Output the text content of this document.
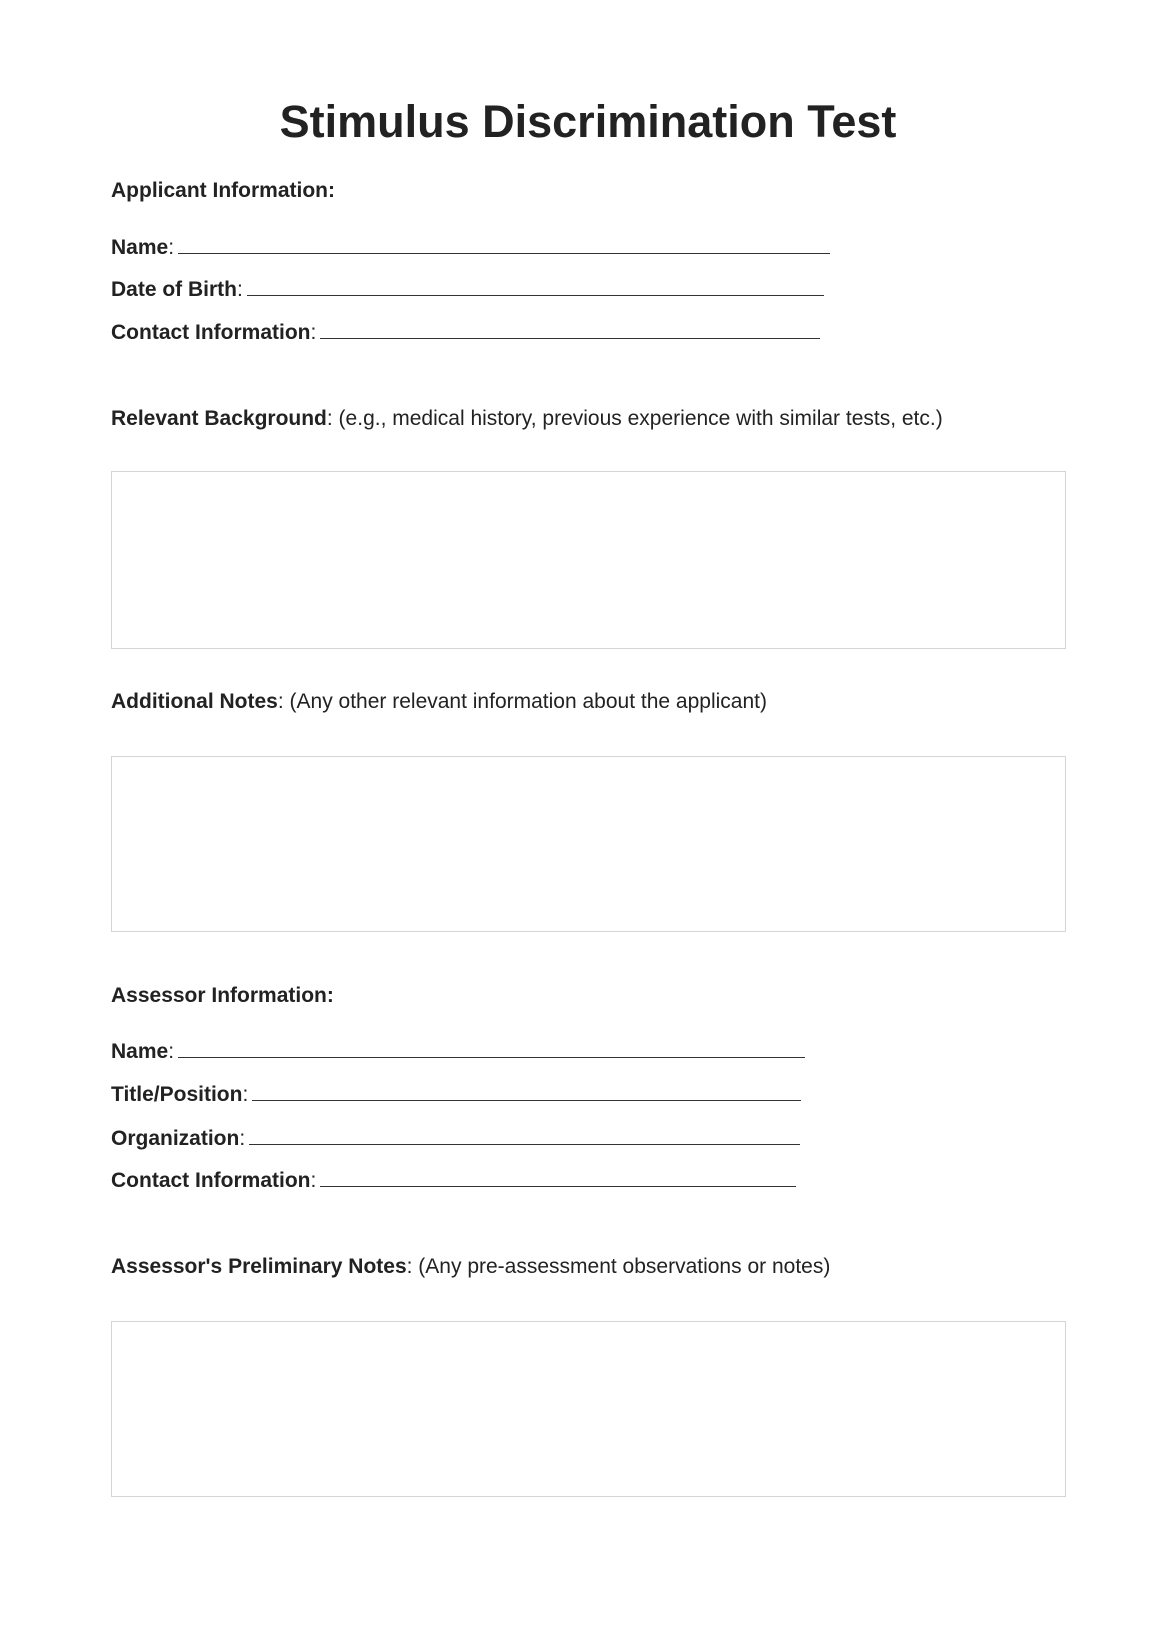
Stimulus Discrimination Test
Applicant Information:
Name:
Date of Birth:
Contact Information:
Relevant Background: (e.g., medical history, previous experience with similar tests, etc.)
Additional Notes: (Any other relevant information about the applicant)
Assessor Information:
Name:
Title/Position:
Organization:
Contact Information:
Assessor's Preliminary Notes: (Any pre-assessment observations or notes)
